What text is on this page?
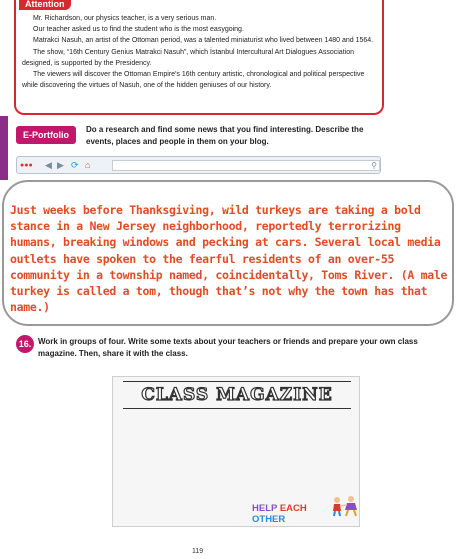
Attention

Mr. Richardson, our physics teacher, is a very serious man.

Our teacher asked us to find the student who is the most easygoing.

Matrakci Nasuh, an artist of the Ottoman period, was a talented miniaturist who lived between 1480 and 1564.

The show, “16th Century Genius Matrakci Nasuh”, which İstanbul Intercultural Art Dialogues Association designed, is supported by the Presidency.

The viewers will discover the Ottoman Empire’s 16th century artistic, chronological and political perspective while discovering the virtues of Nasuh, one of the hidden geniuses of our history.

E-Portfolio
Do a research and find some news that you find interesting. Describe the events, places and people in them on your blog.
●●● ◀ ▶ ⟳ ⌂	⚲
Just weeks before Thanksgiving, wild turkeys are taking a bold stance in a New Jersey neighborhood, reportedly terrorizing humans, breaking windows and pecking at cars. Several local media outlets have spoken to the fearful residents of an over-55 community in a township named, coincidentally, Toms River. (A male turkey is called a tom, though that’s not why the town has that name.)
16. Work in groups of four. Write some texts about your teachers or friends and prepare your own class magazine. Then, share it with the class.
CLASS MAGAZINE
HELP EACH
OTHER
119
